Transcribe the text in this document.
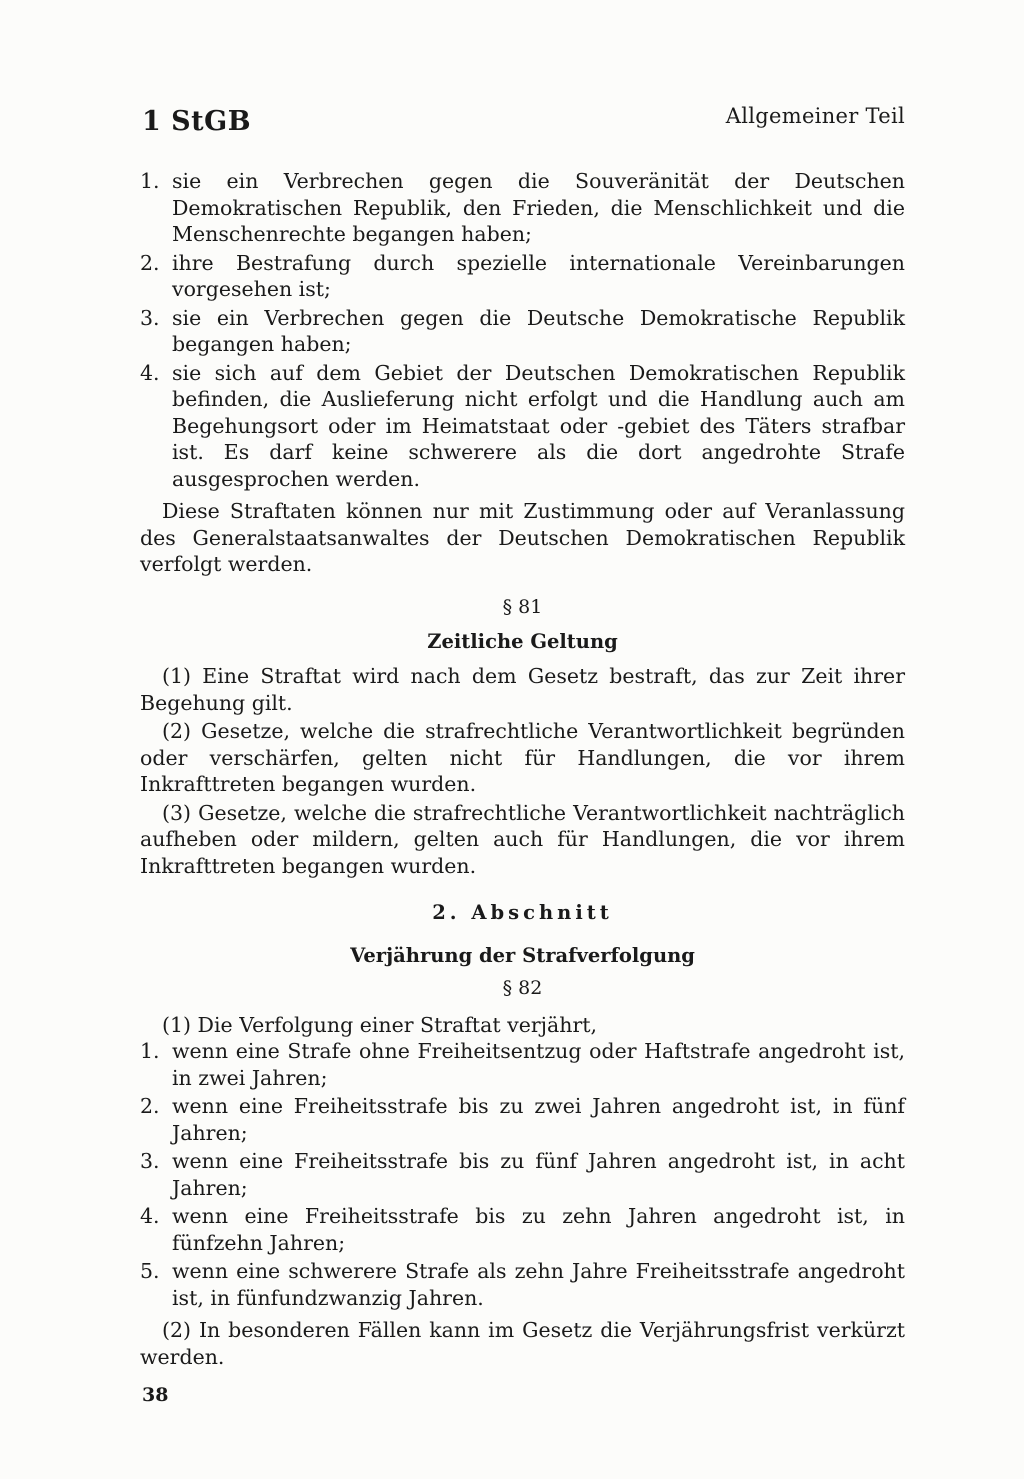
1 StGB	Allgemeiner Teil
1. sie ein Verbrechen gegen die Souveränität der Deutschen Demokratischen Republik, den Frieden, die Menschlichkeit und die Menschenrechte begangen haben;
2. ihre Bestrafung durch spezielle internationale Vereinbarungen vorgesehen ist;
3. sie ein Verbrechen gegen die Deutsche Demokratische Republik begangen haben;
4. sie sich auf dem Gebiet der Deutschen Demokratischen Republik befinden, die Auslieferung nicht erfolgt und die Handlung auch am Begehungsort oder im Heimatstaat oder -gebiet des Täters strafbar ist. Es darf keine schwerere als die dort angedrohte Strafe ausgesprochen werden.

Diese Straftaten können nur mit Zustimmung oder auf Veranlassung des Generalstaatsanwaltes der Deutschen Demokratischen Republik verfolgt werden.

§ 81
Zeitliche Geltung

(1) Eine Straftat wird nach dem Gesetz bestraft, das zur Zeit ihrer Begehung gilt.

(2) Gesetze, welche die strafrechtliche Verantwortlichkeit begründen oder verschärfen, gelten nicht für Handlungen, die vor ihrem Inkrafttreten begangen wurden.

(3) Gesetze, welche die strafrechtliche Verantwortlichkeit nachträglich aufheben oder mildern, gelten auch für Handlungen, die vor ihrem Inkrafttreten begangen wurden.

2. Abschnitt
Verjährung der Strafverfolgung
§ 82

(1) Die Verfolgung einer Straftat verjährt,

1. wenn eine Strafe ohne Freiheitsentzug oder Haftstrafe angedroht ist, in zwei Jahren;
2. wenn eine Freiheitsstrafe bis zu zwei Jahren angedroht ist, in fünf Jahren;
3. wenn eine Freiheitsstrafe bis zu fünf Jahren angedroht ist, in acht Jahren;
4. wenn eine Freiheitsstrafe bis zu zehn Jahren angedroht ist, in fünfzehn Jahren;
5. wenn eine schwerere Strafe als zehn Jahre Freiheitsstrafe angedroht ist, in fünfundzwanzig Jahren.

(2) In besonderen Fällen kann im Gesetz die Verjährungsfrist verkürzt werden.

38
